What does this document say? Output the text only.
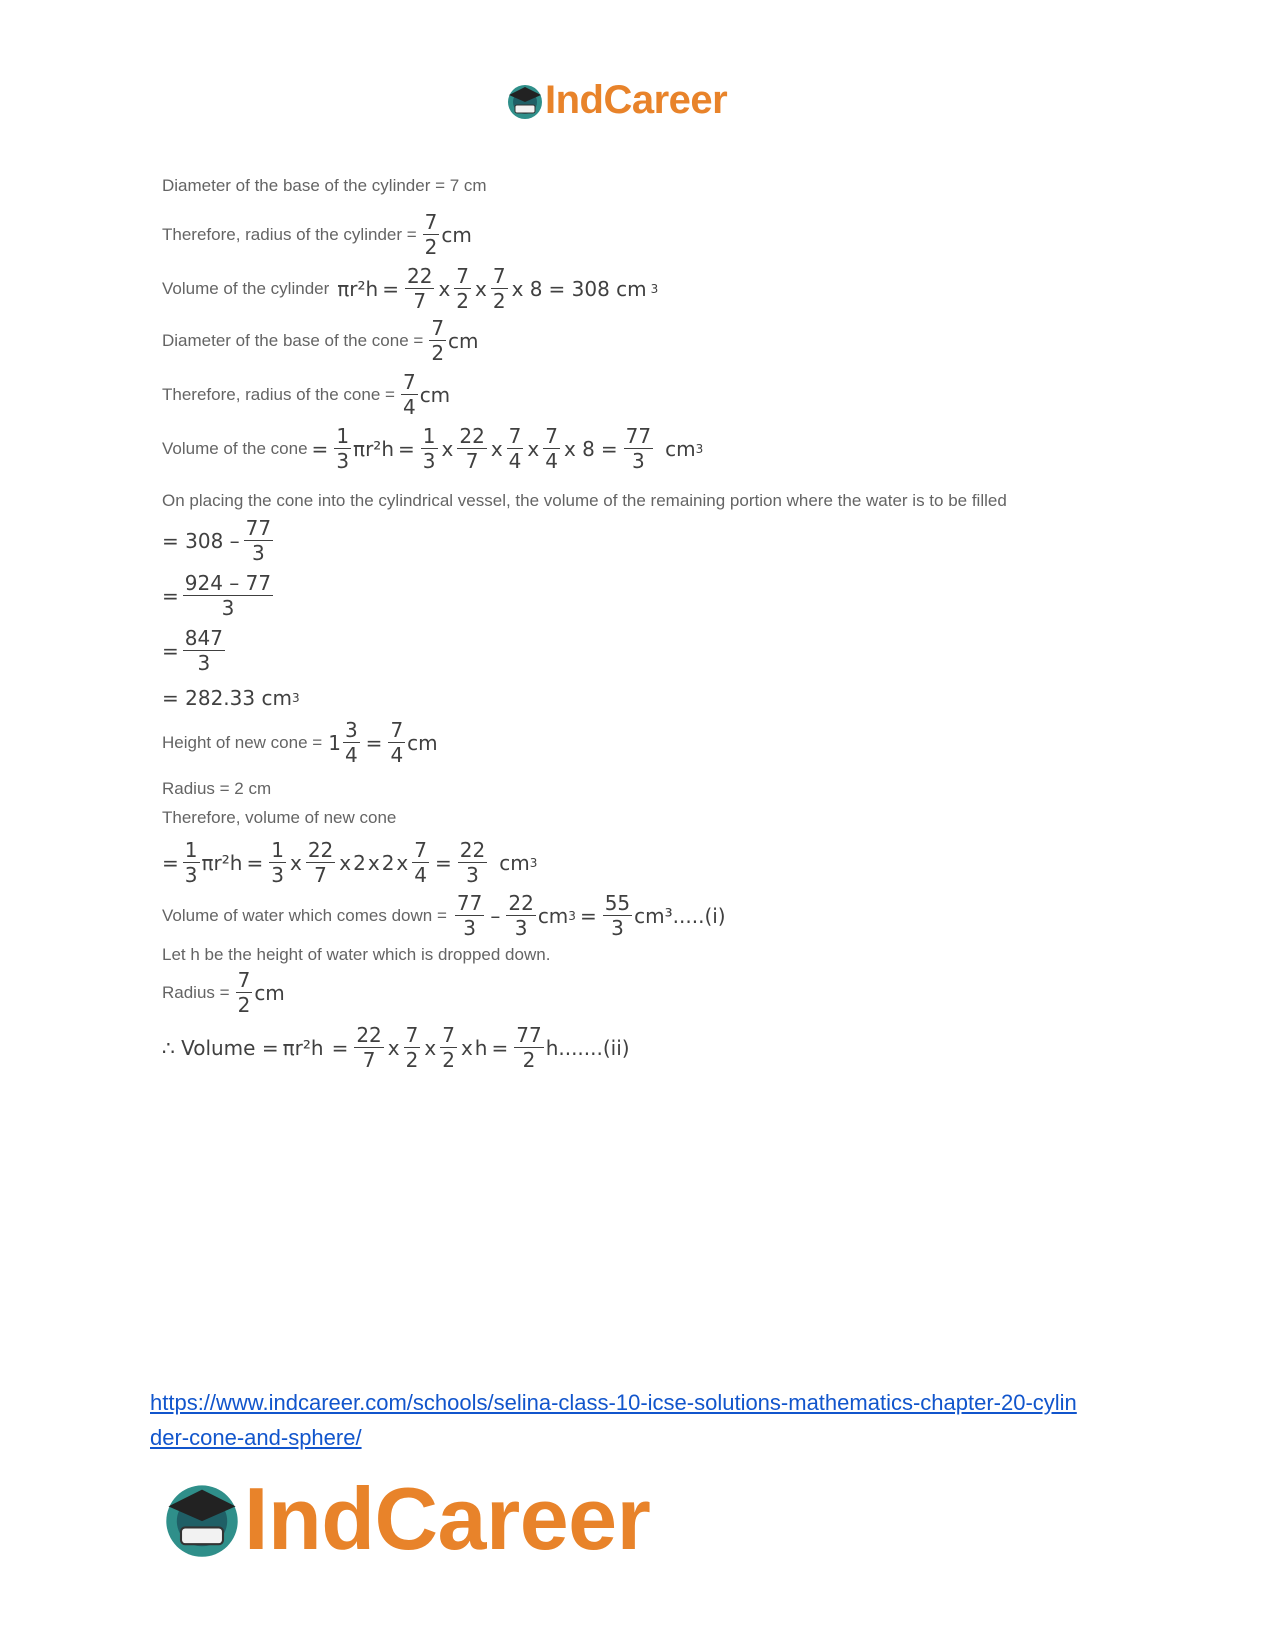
IndCareer
Diameter of the base of the cylinder = 7 cm
Therefore, radius of the cylinder = 7
2
cm
Volume of the cylinder $\pi r^2h = \frac{22}{7}$ x
7
2
x
7
2
x 8 = 308 cm 3
Diameter of the base of the cone = 7
2
cm
Therefore, radius of the cone = 7
4
cm
Volume of the cone = $\frac{1}{3} \pi r^2h = \frac{1}{3}$ x
22
7
x
7
4
x
7
4
x $8 = \frac{77}{3}$ cm 3
On placing the cone into the cylindrical vessel, the volume of the remaining portion where the water is to be filled
= 308 –
77
3
= $\frac{924 - 77}{3}$
= $\frac{847}{3}$
= 282.33 cm 3
Height of new cone = 1
3
4
= $\frac{7}{4}$ cm
Radius = 2 cm
Therefore, volume of new cone
= $\frac{1}{3} \pi r^2h = \frac{1}{3}$ x
22
7
x 2 x 2 x $\frac{7}{4} = \frac{22}{3}$ cm 3
Volume of water which comes down = 77
3
–
22
3
cm $3 = \frac{55}{3} cm^3.....(i)$
Let h be the height of water which is dropped down.
Radius = 7
2
cm
∴ Volume = $\pi r^2h = \frac{22}{7}$ x
7
2
x
7
2
x $h = \frac{77}{2} h.......(ii)$
https://www.indcareer.com/schools/selina-class-10-icse-solutions-mathematics-chapter-20-cylin
der-cone-and-sphere/
IndCareer
